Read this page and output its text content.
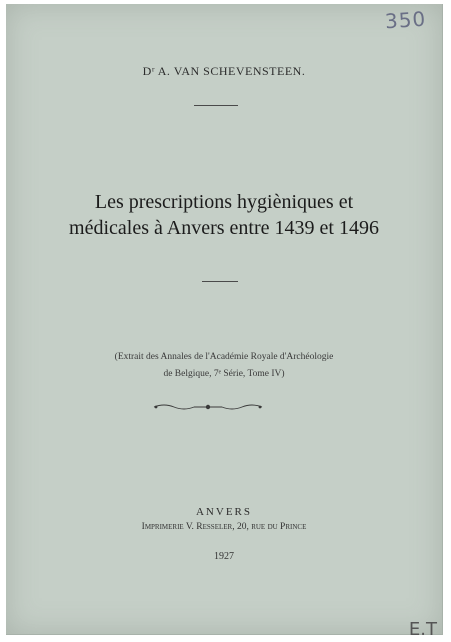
350
Dʳ A. VAN SCHEVENSTEEN.
Les prescriptions hygièniques et
médicales à Anvers entre 1439 et 1496
(Extrait des Annales de l'Académie Royale d'Archéologie
de Belgique, 7ᵉ Série, Tome IV)
ANVERS
Imprimerie V. Resseler, 20, rue du Prince
1927
E.T
